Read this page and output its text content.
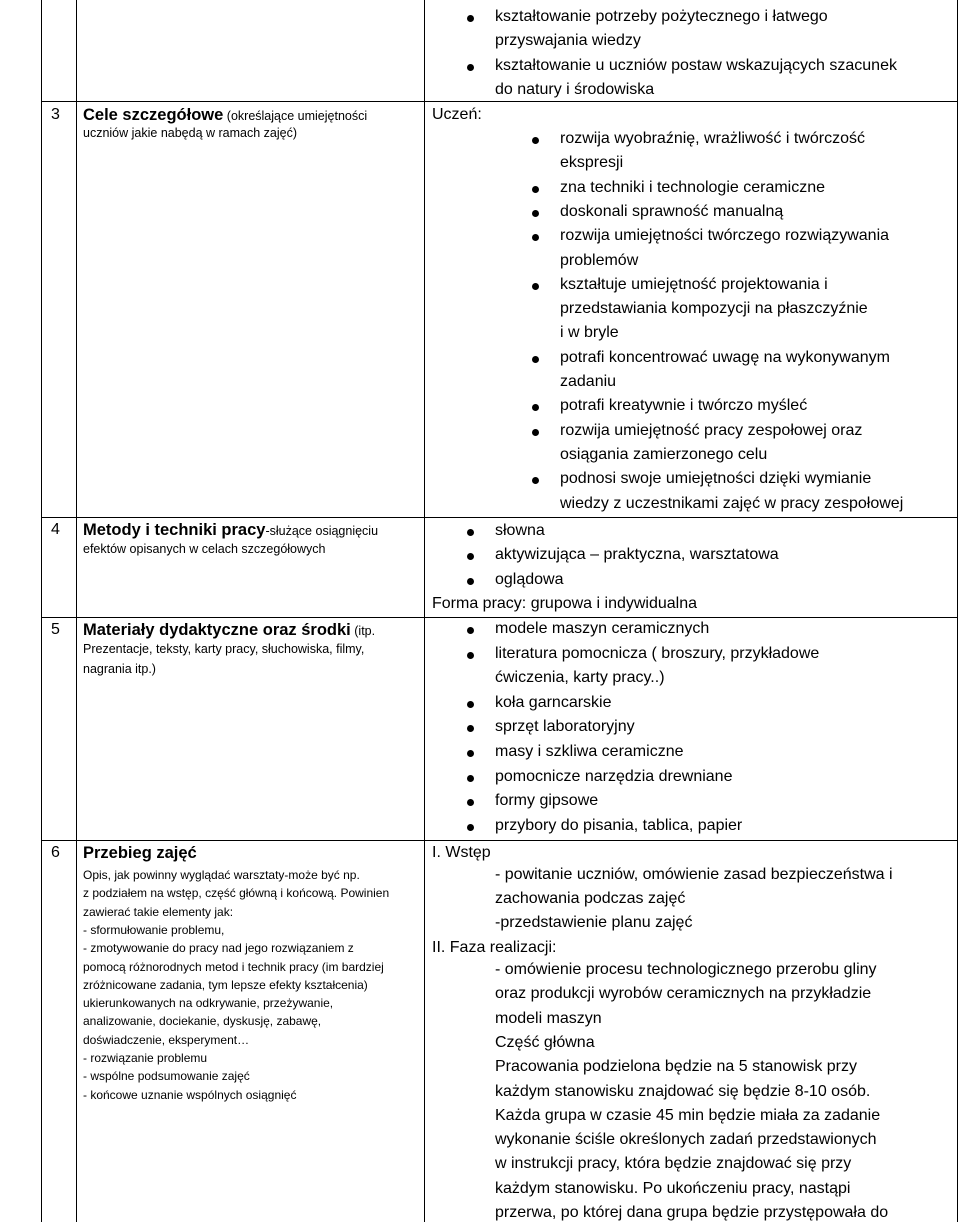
3 Cele szczegółowe (określające umiejętności
uczniów jakie nabędą w ramach zajęć)
4 Metody i techniki pracy-służące osiągnięciu
efektów opisanych w celach szczegółowych
5 Materiały dydaktyczne oraz środki (itp.
Prezentacje, teksty, karty pracy, słuchowiska, filmy,
nagrania itp.)
6 Przebieg zajęć
Opis, jak powinny wyglądać warsztaty-może być np.
z podziałem na wstęp, część główną i końcową. Powinien
zawierać takie elementy jak:
- sformułowanie problemu,
- zmotywowanie do pracy nad jego rozwiązaniem z
pomocą różnorodnych metod i technik pracy (im bardziej
zróżnicowane zadania, tym lepsze efekty kształcenia)
ukierunkowanych na odkrywanie, przeżywanie,
analizowanie, dociekanie, dyskusję, zabawę,
doświadczenie, eksperyment…
- rozwiązanie problemu
- wspólne podsumowanie zajęć
- końcowe uznanie wspólnych osiągnięć
kształtowanie potrzeby pożytecznego i łatwego
przyswajania wiedzy
kształtowanie u uczniów postaw wskazujących szacunek
do natury i środowiska
Uczeń:
rozwija wyobraźnię, wrażliwość i twórczość
ekspresji
zna techniki i technologie ceramiczne
doskonali sprawność manualną
rozwija umiejętności twórczego rozwiązywania
problemów
kształtuje umiejętność projektowania i
przedstawiania kompozycji na płaszczyźnie
i w bryle
potrafi koncentrować uwagę na wykonywanym
zadaniu
potrafi kreatywnie i twórczo myśleć
rozwija umiejętność pracy zespołowej oraz
osiągania zamierzonego celu
podnosi swoje umiejętności dzięki wymianie
wiedzy z uczestnikami zajęć w pracy zespołowej
słowna
aktywizująca – praktyczna, warsztatowa
oglądowa
Forma pracy: grupowa i indywidualna
modele maszyn ceramicznych
literatura pomocnicza ( broszury, przykładowe
ćwiczenia, karty pracy..)
koła garncarskie
sprzęt laboratoryjny
masy i szkliwa ceramiczne
pomocnicze narzędzia drewniane
formy gipsowe
przybory do pisania, tablica, papier
I. Wstęp
- powitanie uczniów, omówienie zasad bezpieczeństwa i
zachowania podczas zajęć
-przedstawienie planu zajęć
II. Faza realizacji:
- omówienie procesu technologicznego przerobu gliny
oraz produkcji wyrobów ceramicznych na przykładzie
modeli maszyn
Część główna
Pracowania podzielona będzie na 5 stanowisk przy
każdym stanowisku znajdować się będzie 8-10 osób.
Każda grupa w czasie 45 min będzie miała za zadanie
wykonanie ściśle określonych zadań przedstawionych
w instrukcji pracy, która będzie znajdować się przy
każdym stanowisku. Po ukończeniu pracy, nastąpi
przerwa, po której dana grupa będzie przystępowała do
